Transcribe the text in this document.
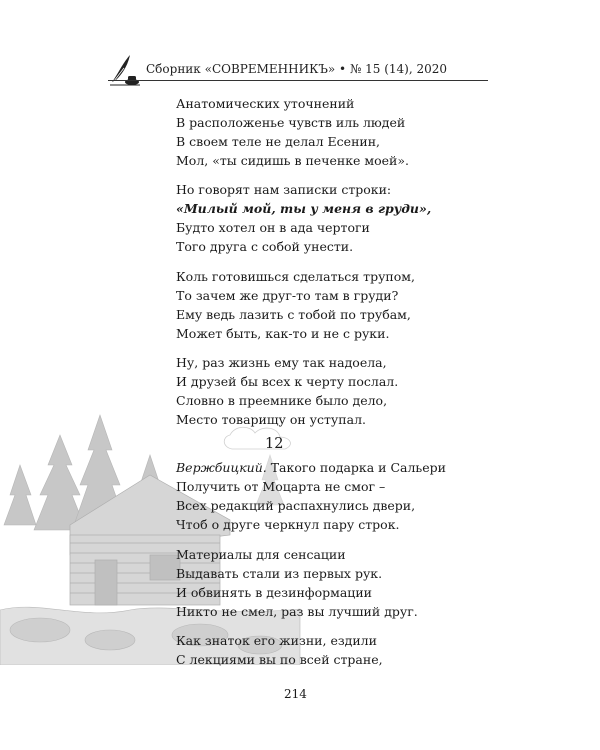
Сборник «СОВРЕМЕННИКЪ» • № 15 (14), 2020
Анатомических уточнений
В расположенье чувств иль людей
В своем теле не делал Есенин,
Мол, «ты сидишь в печенке моей».
Но говорят нам записки строки:
«Милый мой, ты у меня в груди»,
Будто хотел он в ада чертоги
Того друга с собой унести.
Коль готовишься сделаться трупом,
То зачем же друг-то там в груди?
Ему ведь лазить с тобой по трубам,
Может быть, как-то и не с руки.
Ну, раз жизнь ему так надоела,
И друзей бы всех к черту послал.
Словно в преемнике было дело,
Место товарищу он уступал.
12
Вержбицкий. Такого подарка и Сальери
Получить от Моцарта не смог –
Всех редакций распахнулись двери,
Чтоб о друге черкнул пару строк.
Материалы для сенсации
Выдавать стали из первых рук.
И обвинять в дезинформации
Никто не смел, раз вы лучший друг.
Как знаток его жизни, ездили
С лекциями вы по всей стране,
214
